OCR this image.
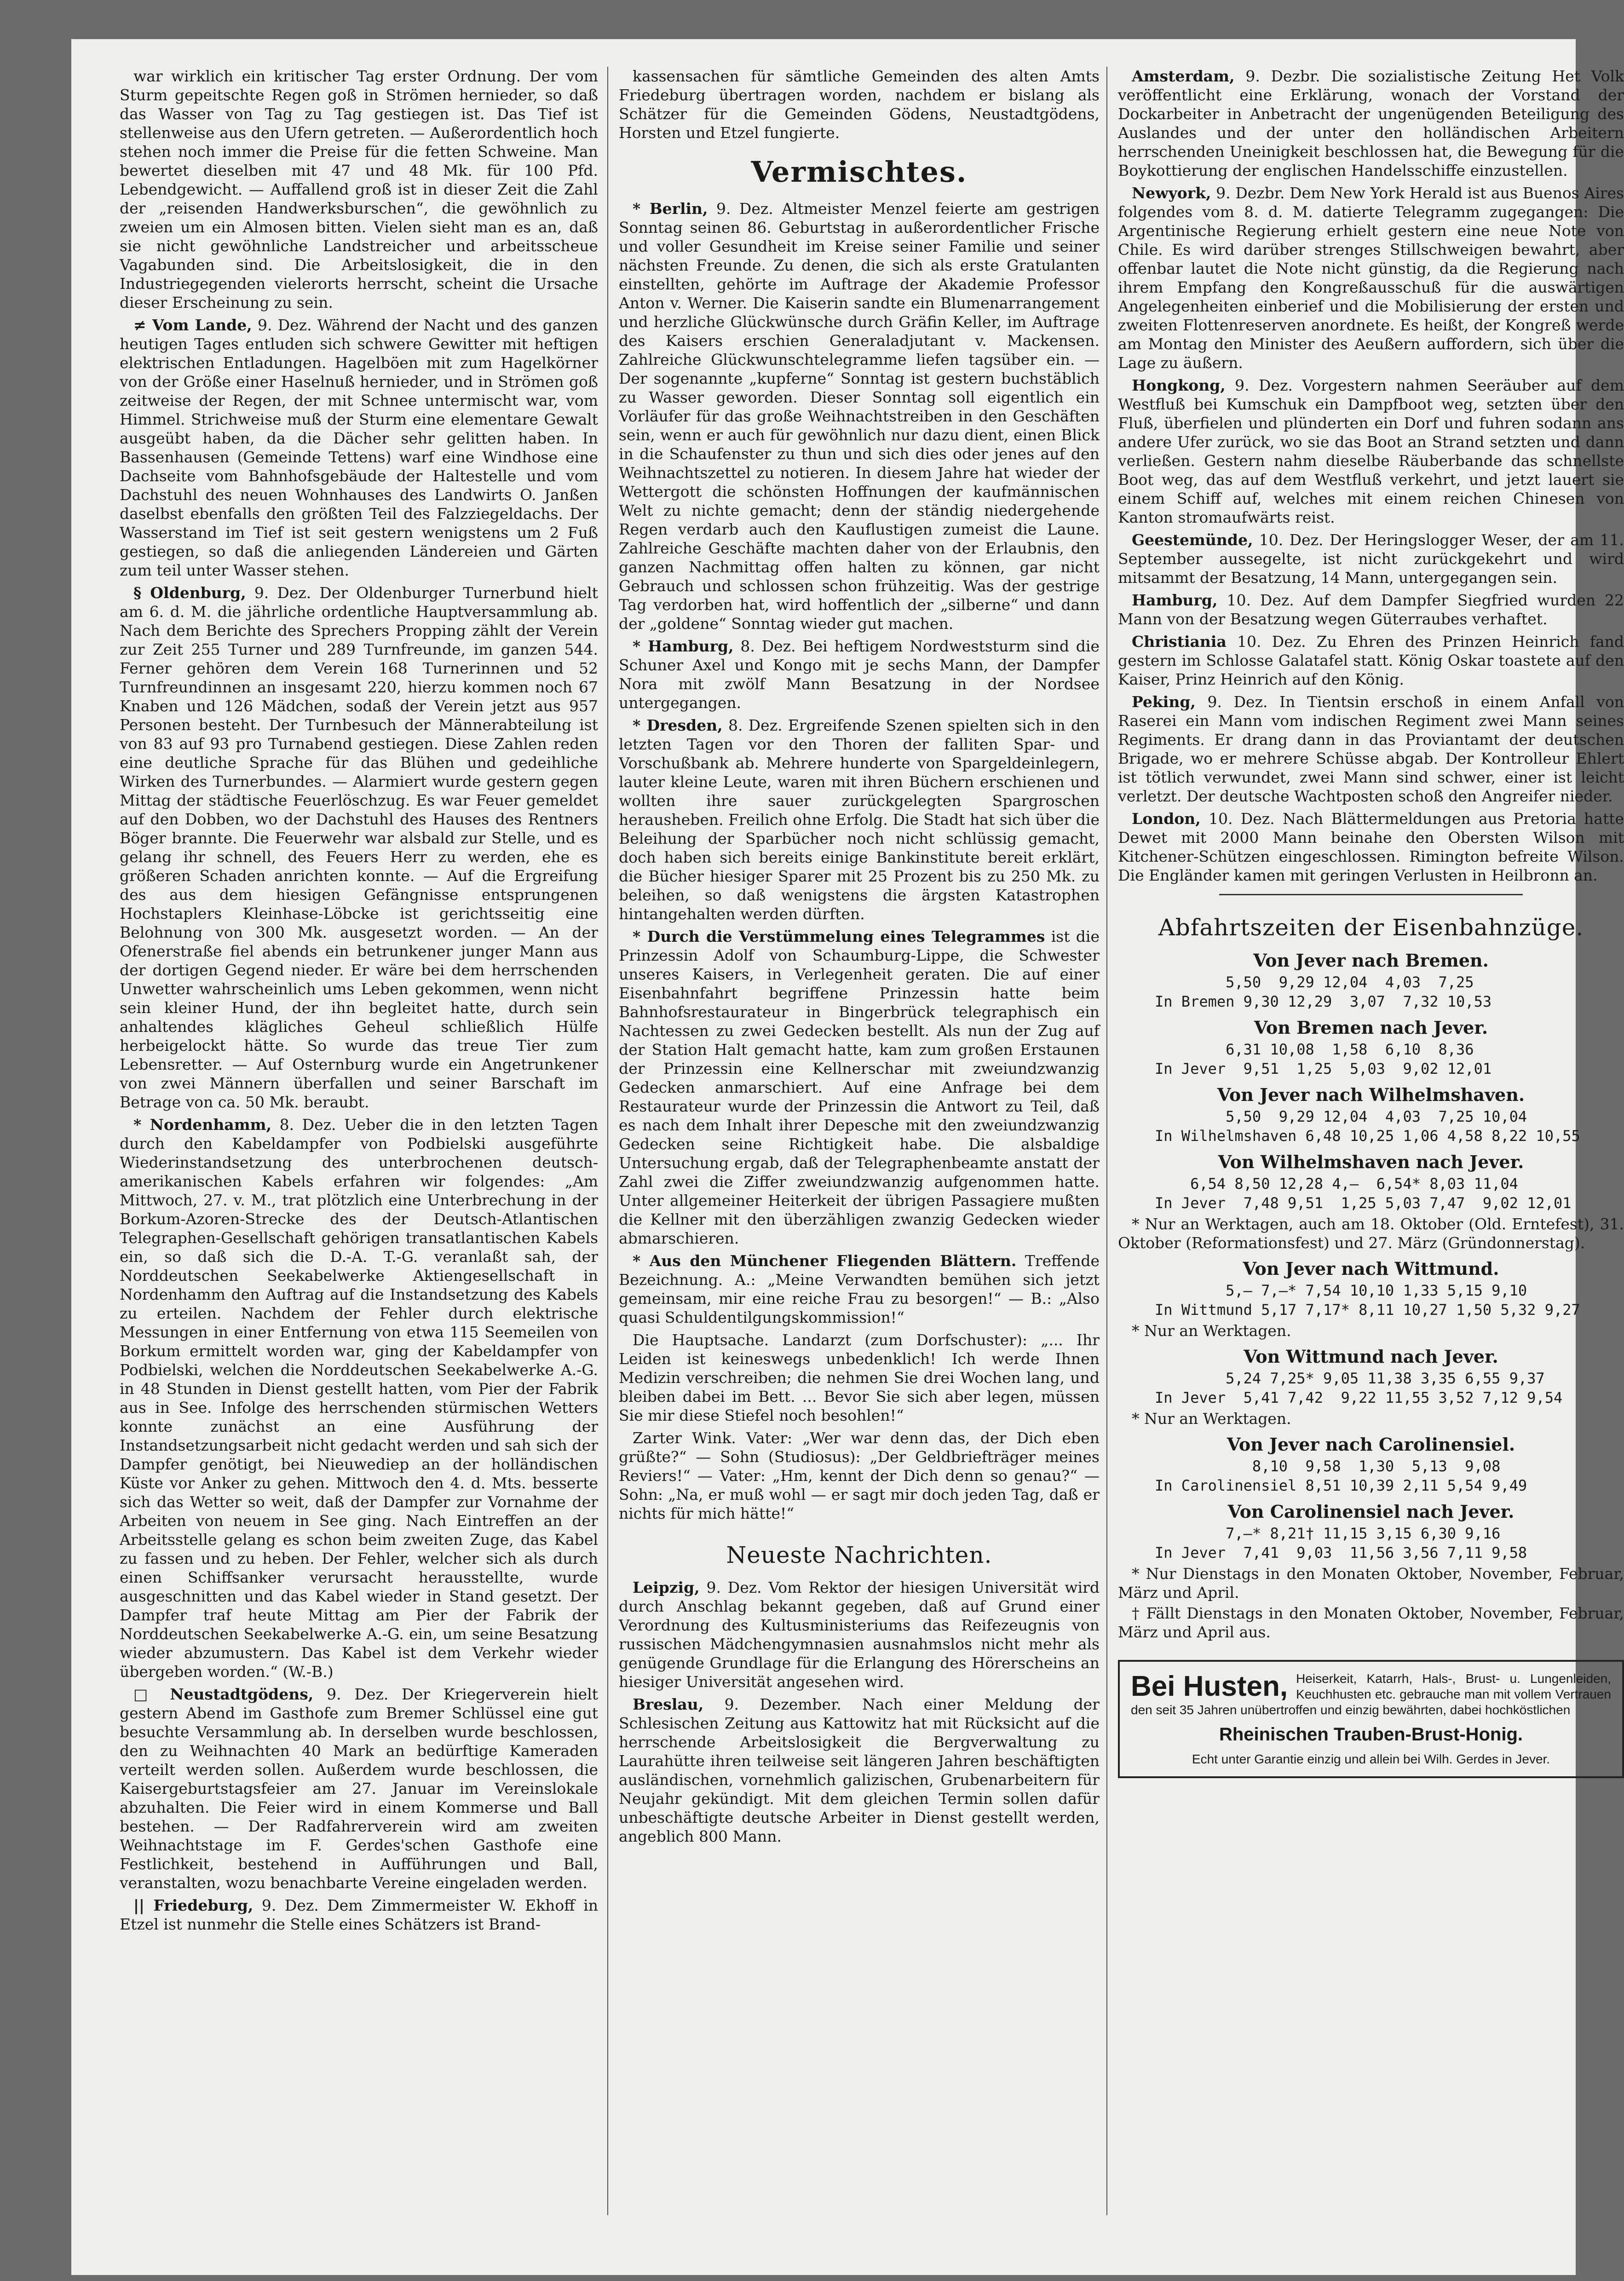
war wirklich ein kritischer Tag erster Ordnung. Der vom Sturm gepeitschte Regen goß in Strömen hernieder, so daß das Wasser von Tag zu Tag gestiegen ist. Das Tief ist stellenweise aus den Ufern getreten. — Außerordentlich hoch stehen noch immer die Preise für die fetten Schweine. Man bewertet dieselben mit 47 und 48 Mk. für 100 Pfd. Lebendgewicht. — Auffallend groß ist in dieser Zeit die Zahl der „reisenden Handwerksburschen“, die gewöhnlich zu zweien um ein Almosen bitten. Vielen sieht man es an, daß sie nicht gewöhnliche Landstreicher und arbeitsscheue Vagabunden sind. Die Arbeitslosigkeit, die in den Industriegegenden vielerorts herrscht, scheint die Ursache dieser Erscheinung zu sein.

≠ Vom Lande, 9. Dez. Während der Nacht und des ganzen heutigen Tages entluden sich schwere Gewitter mit heftigen elektrischen Entladungen. Hagelböen mit zum Hagelkörner von der Größe einer Haselnuß hernieder, und in Strömen goß zeitweise der Regen, der mit Schnee untermischt war, vom Himmel. Strichweise muß der Sturm eine elementare Gewalt ausgeübt haben, da die Dächer sehr gelitten haben. In Bassenhausen (Gemeinde Tettens) warf eine Windhose eine Dachseite vom Bahnhofsgebäude der Haltestelle und vom Dachstuhl des neuen Wohnhauses des Landwirts O. Janßen daselbst ebenfalls den größten Teil des Falzziegeldachs. Der Wasserstand im Tief ist seit gestern wenigstens um 2 Fuß gestiegen, so daß die anliegenden Ländereien und Gärten zum teil unter Wasser stehen.

§ Oldenburg, 9. Dez. Der Oldenburger Turnerbund hielt am 6. d. M. die jährliche ordentliche Hauptversammlung ab. Nach dem Berichte des Sprechers Propping zählt der Verein zur Zeit 255 Turner und 289 Turnfreunde, im ganzen 544. Ferner gehören dem Verein 168 Turnerinnen und 52 Turnfreundinnen an insgesamt 220, hierzu kommen noch 67 Knaben und 126 Mädchen, sodaß der Verein jetzt aus 957 Personen besteht. Der Turnbesuch der Männerabteilung ist von 83 auf 93 pro Turnabend gestiegen. Diese Zahlen reden eine deutliche Sprache für das Blühen und gedeihliche Wirken des Turnerbundes. — Alarmiert wurde gestern gegen Mittag der städtische Feuerlöschzug. Es war Feuer gemeldet auf den Dobben, wo der Dachstuhl des Hauses des Rentners Böger brannte. Die Feuerwehr war alsbald zur Stelle, und es gelang ihr schnell, des Feuers Herr zu werden, ehe es größeren Schaden anrichten konnte. — Auf die Ergreifung des aus dem hiesigen Gefängnisse entsprungenen Hochstaplers Kleinhase-Löbcke ist gerichtsseitig eine Belohnung von 300 Mk. ausgesetzt worden. — An der Ofenerstraße fiel abends ein betrunkener junger Mann aus der dortigen Gegend nieder. Er wäre bei dem herrschenden Unwetter wahrscheinlich ums Leben gekommen, wenn nicht sein kleiner Hund, der ihn begleitet hatte, durch sein anhaltendes klägliches Geheul schließlich Hülfe herbeigelockt hätte. So wurde das treue Tier zum Lebensretter. — Auf Osternburg wurde ein Angetrunkener von zwei Männern überfallen und seiner Barschaft im Betrage von ca. 50 Mk. beraubt.

* Nordenhamm, 8. Dez. Ueber die in den letzten Tagen durch den Kabeldampfer von Podbielski ausgeführte Wiederinstandsetzung des unterbrochenen deutsch-amerikanischen Kabels erfahren wir folgendes: „Am Mittwoch, 27. v. M., trat plötzlich eine Unterbrechung in der Borkum-Azoren-Strecke des der Deutsch-Atlantischen Telegraphen-Gesellschaft gehörigen transatlantischen Kabels ein, so daß sich die D.-A. T.-G. veranlaßt sah, der Norddeutschen Seekabelwerke Aktiengesellschaft in Nordenhamm den Auftrag auf die Instandsetzung des Kabels zu erteilen. Nachdem der Fehler durch elektrische Messungen in einer Entfernung von etwa 115 Seemeilen von Borkum ermittelt worden war, ging der Kabeldampfer von Podbielski, welchen die Norddeutschen Seekabelwerke A.-G. in 48 Stunden in Dienst gestellt hatten, vom Pier der Fabrik aus in See. Infolge des herrschenden stürmischen Wetters konnte zunächst an eine Ausführung der Instandsetzungsarbeit nicht gedacht werden und sah sich der Dampfer genötigt, bei Nieuwediep an der holländischen Küste vor Anker zu gehen. Mittwoch den 4. d. Mts. besserte sich das Wetter so weit, daß der Dampfer zur Vornahme der Arbeiten von neuem in See ging. Nach Eintreffen an der Arbeitsstelle gelang es schon beim zweiten Zuge, das Kabel zu fassen und zu heben. Der Fehler, welcher sich als durch einen Schiffsanker verursacht herausstellte, wurde ausgeschnitten und das Kabel wieder in Stand gesetzt. Der Dampfer traf heute Mittag am Pier der Fabrik der Norddeutschen Seekabelwerke A.-G. ein, um seine Besatzung wieder abzumustern. Das Kabel ist dem Verkehr wieder übergeben worden.“ (W.-B.)

□ Neustadtgödens, 9. Dez. Der Kriegerverein hielt gestern Abend im Gasthofe zum Bremer Schlüssel eine gut besuchte Versammlung ab. In derselben wurde beschlossen, den zu Weihnachten 40 Mark an bedürftige Kameraden verteilt werden sollen. Außerdem wurde beschlossen, die Kaisergeburtstagsfeier am 27. Januar im Vereinslokale abzuhalten. Die Feier wird in einem Kommerse und Ball bestehen. — Der Radfahrerverein wird am zweiten Weihnachtstage im F. Gerdes'schen Gasthofe eine Festlichkeit, bestehend in Aufführungen und Ball, veranstalten, wozu benachbarte Vereine eingeladen werden.

|| Friedeburg, 9. Dez. Dem Zimmermeister W. Ekhoff in Etzel ist nunmehr die Stelle eines Schätzers ist Brand-

kassensachen für sämtliche Gemeinden des alten Amts Friedeburg übertragen worden, nachdem er bislang als Schätzer für die Gemeinden Gödens, Neustadtgödens, Horsten und Etzel fungierte.

Vermischtes.

* Berlin, 9. Dez. Altmeister Menzel feierte am gestrigen Sonntag seinen 86. Geburtstag in außerordentlicher Frische und voller Gesundheit im Kreise seiner Familie und seiner nächsten Freunde. Zu denen, die sich als erste Gratulanten einstellten, gehörte im Auftrage der Akademie Professor Anton v. Werner. Die Kaiserin sandte ein Blumenarrangement und herzliche Glückwünsche durch Gräfin Keller, im Auftrage des Kaisers erschien Generaladjutant v. Mackensen. Zahlreiche Glückwunschtelegramme liefen tagsüber ein. — Der sogenannte „kupferne“ Sonntag ist gestern buchstäblich zu Wasser geworden. Dieser Sonntag soll eigentlich ein Vorläufer für das große Weihnachtstreiben in den Geschäften sein, wenn er auch für gewöhnlich nur dazu dient, einen Blick in die Schaufenster zu thun und sich dies oder jenes auf den Weihnachtszettel zu notieren. In diesem Jahre hat wieder der Wettergott die schönsten Hoffnungen der kaufmännischen Welt zu nichte gemacht; denn der ständig niedergehende Regen verdarb auch den Kauflustigen zumeist die Laune. Zahlreiche Geschäfte machten daher von der Erlaubnis, den ganzen Nachmittag offen halten zu können, gar nicht Gebrauch und schlossen schon frühzeitig. Was der gestrige Tag verdorben hat, wird hoffentlich der „silberne“ und dann der „goldene“ Sonntag wieder gut machen.

* Hamburg, 8. Dez. Bei heftigem Nordweststurm sind die Schuner Axel und Kongo mit je sechs Mann, der Dampfer Nora mit zwölf Mann Besatzung in der Nordsee untergegangen.

* Dresden, 8. Dez. Ergreifende Szenen spielten sich in den letzten Tagen vor den Thoren der falliten Spar- und Vorschußbank ab. Mehrere hunderte von Spargeldeinlegern, lauter kleine Leute, waren mit ihren Büchern erschienen und wollten ihre sauer zurückgelegten Spargroschen herausheben. Freilich ohne Erfolg. Die Stadt hat sich über die Beleihung der Sparbücher noch nicht schlüssig gemacht, doch haben sich bereits einige Bankinstitute bereit erklärt, die Bücher hiesiger Sparer mit 25 Prozent bis zu 250 Mk. zu beleihen, so daß wenigstens die ärgsten Katastrophen hintangehalten werden dürften.

* Durch die Verstümmelung eines Telegrammes ist die Prinzessin Adolf von Schaumburg-Lippe, die Schwester unseres Kaisers, in Verlegenheit geraten. Die auf einer Eisenbahnfahrt begriffene Prinzessin hatte beim Bahnhofsrestaurateur in Bingerbrück telegraphisch ein Nachtessen zu zwei Gedecken bestellt. Als nun der Zug auf der Station Halt gemacht hatte, kam zum großen Erstaunen der Prinzessin eine Kellnerschar mit zweiundzwanzig Gedecken anmarschiert. Auf eine Anfrage bei dem Restaurateur wurde der Prinzessin die Antwort zu Teil, daß es nach dem Inhalt ihrer Depesche mit den zweiundzwanzig Gedecken seine Richtigkeit habe. Die alsbaldige Untersuchung ergab, daß der Telegraphenbeamte anstatt der Zahl zwei die Ziffer zweiundzwanzig aufgenommen hatte. Unter allgemeiner Heiterkeit der übrigen Passagiere mußten die Kellner mit den überzähligen zwanzig Gedecken wieder abmarschieren.

* Aus den Münchener Fliegenden Blättern. Treffende Bezeichnung. A.: „Meine Verwandten bemühen sich jetzt gemeinsam, mir eine reiche Frau zu besorgen!“ — B.: „Also quasi Schuldentilgungskommission!“

Die Hauptsache. Landarzt (zum Dorfschuster): „... Ihr Leiden ist keineswegs unbedenklich! Ich werde Ihnen Medizin verschreiben; die nehmen Sie drei Wochen lang, und bleiben dabei im Bett. ... Bevor Sie sich aber legen, müssen Sie mir diese Stiefel noch besohlen!“

Zarter Wink. Vater: „Wer war denn das, der Dich eben grüßte?“ — Sohn (Studiosus): „Der Geldbriefträger meines Reviers!“ — Vater: „Hm, kennt der Dich denn so genau?“ — Sohn: „Na, er muß wohl — er sagt mir doch jeden Tag, daß er nichts für mich hätte!“

Neueste Nachrichten.

Leipzig, 9. Dez. Vom Rektor der hiesigen Universität wird durch Anschlag bekannt gegeben, daß auf Grund einer Verordnung des Kultusministeriums das Reifezeugnis von russischen Mädchengymnasien ausnahmslos nicht mehr als genügende Grundlage für die Erlangung des Hörerscheins an hiesiger Universität angesehen wird.

Breslau, 9. Dezember. Nach einer Meldung der Schlesischen Zeitung aus Kattowitz hat mit Rücksicht auf die herrschende Arbeitslosigkeit die Bergverwaltung zu Laurahütte ihren teilweise seit längeren Jahren beschäftigten ausländischen, vornehmlich galizischen, Grubenarbeitern für Neujahr gekündigt. Mit dem gleichen Termin sollen dafür unbeschäftigte deutsche Arbeiter in Dienst gestellt werden, angeblich 800 Mann.

Amsterdam, 9. Dezbr. Die sozialistische Zeitung Het Volk veröffentlicht eine Erklärung, wonach der Vorstand der Dockarbeiter in Anbetracht der ungenügenden Beteiligung des Auslandes und der unter den holländischen Arbeitern herrschenden Uneinigkeit beschlossen hat, die Bewegung für die Boykottierung der englischen Handelsschiffe einzustellen.

Newyork, 9. Dezbr. Dem New York Herald ist aus Buenos Aires folgendes vom 8. d. M. datierte Telegramm zugegangen: Die Argentinische Regierung erhielt gestern eine neue Note von Chile. Es wird darüber strenges Stillschweigen bewahrt, aber offenbar lautet die Note nicht günstig, da die Regierung nach ihrem Empfang den Kongreßausschuß für die auswärtigen Angelegenheiten einberief und die Mobilisierung der ersten und zweiten Flottenreserven anordnete. Es heißt, der Kongreß werde am Montag den Minister des Aeußern auffordern, sich über die Lage zu äußern.

Hongkong, 9. Dez. Vorgestern nahmen Seeräuber auf dem Westfluß bei Kumschuk ein Dampfboot weg, setzten über den Fluß, überfielen und plünderten ein Dorf und fuhren sodann ans andere Ufer zurück, wo sie das Boot an Strand setzten und dann verließen. Gestern nahm dieselbe Räuberbande das schnellste Boot weg, das auf dem Westfluß verkehrt, und jetzt lauert sie einem Schiff auf, welches mit einem reichen Chinesen von Kanton stromaufwärts reist.

Geestemünde, 10. Dez. Der Heringslogger Weser, der am 11. September aussegelte, ist nicht zurückgekehrt und wird mitsammt der Besatzung, 14 Mann, untergegangen sein.

Hamburg, 10. Dez. Auf dem Dampfer Siegfried wurden 22 Mann von der Besatzung wegen Güterraubes verhaftet.

Christiania 10. Dez. Zu Ehren des Prinzen Heinrich fand gestern im Schlosse Galatafel statt. König Oskar toastete auf den Kaiser, Prinz Heinrich auf den König.

Peking, 9. Dez. In Tientsin erschoß in einem Anfall von Raserei ein Mann vom indischen Regiment zwei Mann seines Regiments. Er drang dann in das Proviantamt der deutschen Brigade, wo er mehrere Schüsse abgab. Der Kontrolleur Ehlert ist tötlich verwundet, zwei Mann sind schwer, einer ist leicht verletzt. Der deutsche Wachtposten schoß den Angreifer nieder.

London, 10. Dez. Nach Blättermeldungen aus Pretoria hatte Dewet mit 2000 Mann beinahe den Obersten Wilson mit Kitchener-Schützen eingeschlossen. Rimington befreite Wilson. Die Engländer kamen mit geringen Verlusten in Heilbronn an.

Abfahrtszeiten der Eisenbahnzüge.
Von Jever nach Bremen.
5,50  9,29 12,04  4,03  7,25
In Bremen 9,30 12,29  3,07  7,32 10,53
Von Bremen nach Jever.
6,31 10,08  1,58  6,10  8,36
In Jever  9,51  1,25  5,03  9,02 12,01
Von Jever nach Wilhelmshaven.
5,50  9,29 12,04  4,03  7,25 10,04
In Wilhelmshaven 6,48 10,25 1,06 4,58 8,22 10,55
Von Wilhelmshaven nach Jever.
6,54 8,50 12,28 4,—  6,54* 8,03 11,04
In Jever  7,48 9,51  1,25 5,03 7,47  9,02 12,01

* Nur an Werktagen, auch am 18. Oktober (Old. Erntefest), 31. Oktober (Reformationsfest) und 27. März (Gründonnerstag).

Von Jever nach Wittmund.
5,— 7,—* 7,54 10,10 1,33 5,15 9,10
In Wittmund 5,17 7,17* 8,11 10,27 1,50 5,32 9,27

* Nur an Werktagen.

Von Wittmund nach Jever.
5,24 7,25* 9,05 11,38 3,35 6,55 9,37
In Jever  5,41 7,42  9,22 11,55 3,52 7,12 9,54

* Nur an Werktagen.

Von Jever nach Carolinensiel.
8,10  9,58  1,30  5,13  9,08
In Carolinensiel 8,51 10,39 2,11 5,54 9,49
Von Carolinensiel nach Jever.
7,—* 8,21† 11,15 3,15 6,30 9,16
In Jever  7,41  9,03  11,56 3,56 7,11 9,58

* Nur Dienstags in den Monaten Oktober, November, Februar, März und April.

† Fällt Dienstags in den Monaten Oktober, November, Februar, März und April aus.

Bei Husten, Heiserkeit, Katarrh, Hals-, Brust- u. Lungenleiden, Keuchhusten etc. gebrauche man mit vollem Vertrauen den seit 35 Jahren unübertroffen und einzig bewährten, dabei hochköstlichen
Rheinischen Trauben-Brust-Honig.
Echt unter Garantie einzig und allein bei Wilh. Gerdes in Jever.
